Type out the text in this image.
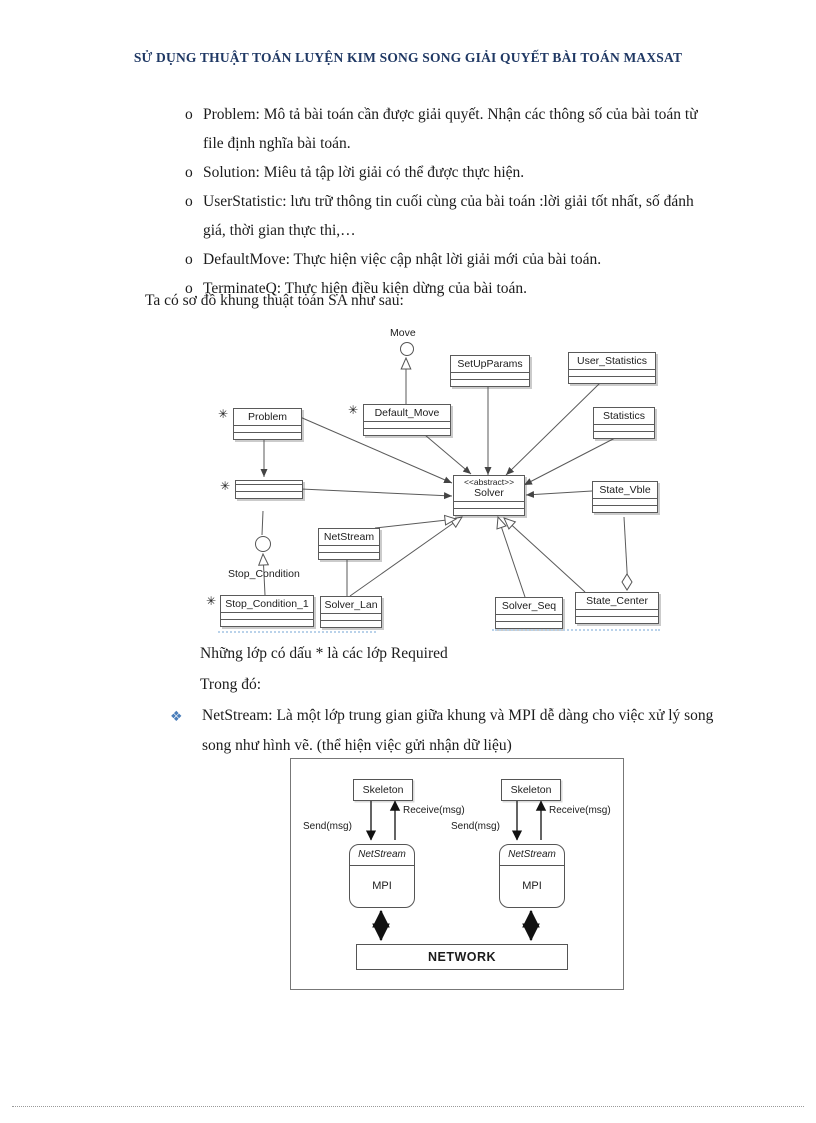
SỬ DỤNG THUẬT TOÁN LUYỆN KIM SONG SONG GIẢI QUYẾT BÀI TOÁN MAXSAT
o Problem: Mô tả bài toán cần được giải quyết. Nhận các thông số của bài toán từ file định nghĩa bài toán.
o Solution: Miêu tả tập lời giải có thể được thực hiện.
o UserStatistic: lưu trữ thông tin cuối cùng của bài toán :lời giải tốt nhất, số đánh giá, thời gian thực thi,…
o DefaultMove: Thực hiện việc cập nhật lời giải mới của bài toán.
o TerminateQ: Thực hiện điều kiện dừng của bài toán.
Ta có sơ đồ khung thuật toán SA như sau:
Move
✳	✳
✳
✳
SetUpParams	User_Statistics
Problem	Default_Move	Statistics
<<abstract>>
Solver	State_Vble
NetStream
Stop_Condition
Stop_Condition_1	Solver_Lan	Solver_Seq	State_Center
Những lớp có dấu * là các lớp Required
Trong đó:
❖	NetStream: Là một lớp trung gian giữa khung và MPI dễ dàng cho việc xử lý song song như hình vẽ. (thể hiện việc gửi nhận dữ liệu)
Skeleton	Skeleton
Receive(msg)
Send(msg)
Receive(msg)
Send(msg)
NetStream
MPI
NetStream
MPI
NETWORK
